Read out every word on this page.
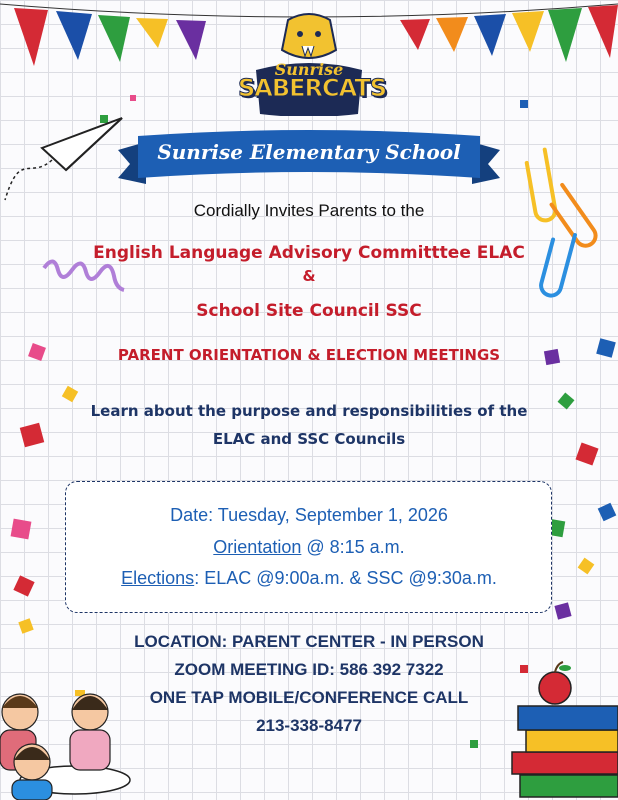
Sunrise
SABERCATS
Sunrise Elementary School
Cordially Invites Parents to the
English Language Advisory Committtee ELAC
&
School Site Council SSC
PARENT ORIENTATION & ELECTION MEETINGS
Learn about the purpose and responsibilities of the
ELAC and SSC Councils
Date: Tuesday, September 1, 2026
Orientation @ 8:15 a.m.
Elections: ELAC @9:00a.m. & SSC @9:30a.m.
LOCATION: PARENT CENTER - IN PERSON
ZOOM MEETING ID: 586 392 7322
ONE TAP MOBILE/CONFERENCE CALL
213-338-8477
